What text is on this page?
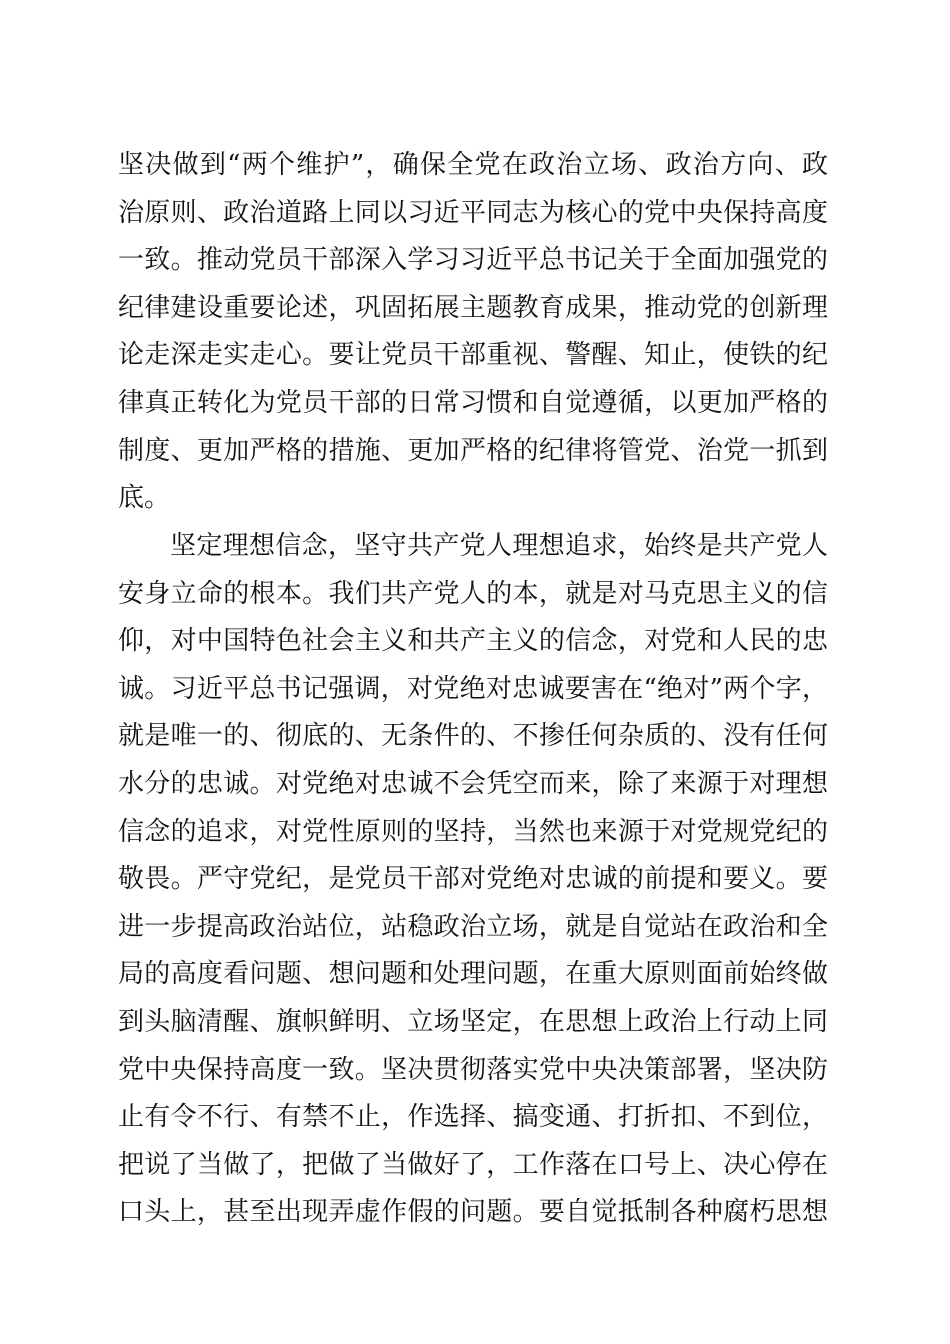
坚决做到“两个维护”，确保全党在政治立场、政治方向、政
治原则、政治道路上同以习近平同志为核心的党中央保持高度
一致。推动党员干部深入学习习近平总书记关于全面加强党的
纪律建设重要论述，巩固拓展主题教育成果，推动党的创新理
论走深走实走心。要让党员干部重视、警醒、知止，使铁的纪
律真正转化为党员干部的日常习惯和自觉遵循，以更加严格的
制度、更加严格的措施、更加严格的纪律将管党、治党一抓到
底。

坚定理想信念，坚守共产党人理想追求，始终是共产党人
安身立命的根本。我们共产党人的本，就是对马克思主义的信
仰，对中国特色社会主义和共产主义的信念，对党和人民的忠
诚。习近平总书记强调，对党绝对忠诚要害在“绝对”两个字，
就是唯一的、彻底的、无条件的、不掺任何杂质的、没有任何
水分的忠诚。对党绝对忠诚不会凭空而来，除了来源于对理想
信念的追求，对党性原则的坚持，当然也来源于对党规党纪的
敬畏。严守党纪，是党员干部对党绝对忠诚的前提和要义。要
进一步提高政治站位，站稳政治立场，就是自觉站在政治和全
局的高度看问题、想问题和处理问题，在重大原则面前始终做
到头脑清醒、旗帜鲜明、立场坚定，在思想上政治上行动上同
党中央保持高度一致。坚决贯彻落实党中央决策部署，坚决防
止有令不行、有禁不止，作选择、搞变通、打折扣、不到位，
把说了当做了，把做了当做好了，工作落在口号上、决心停在
口头上，甚至出现弄虚作假的问题。要自觉抵制各种腐朽思想
